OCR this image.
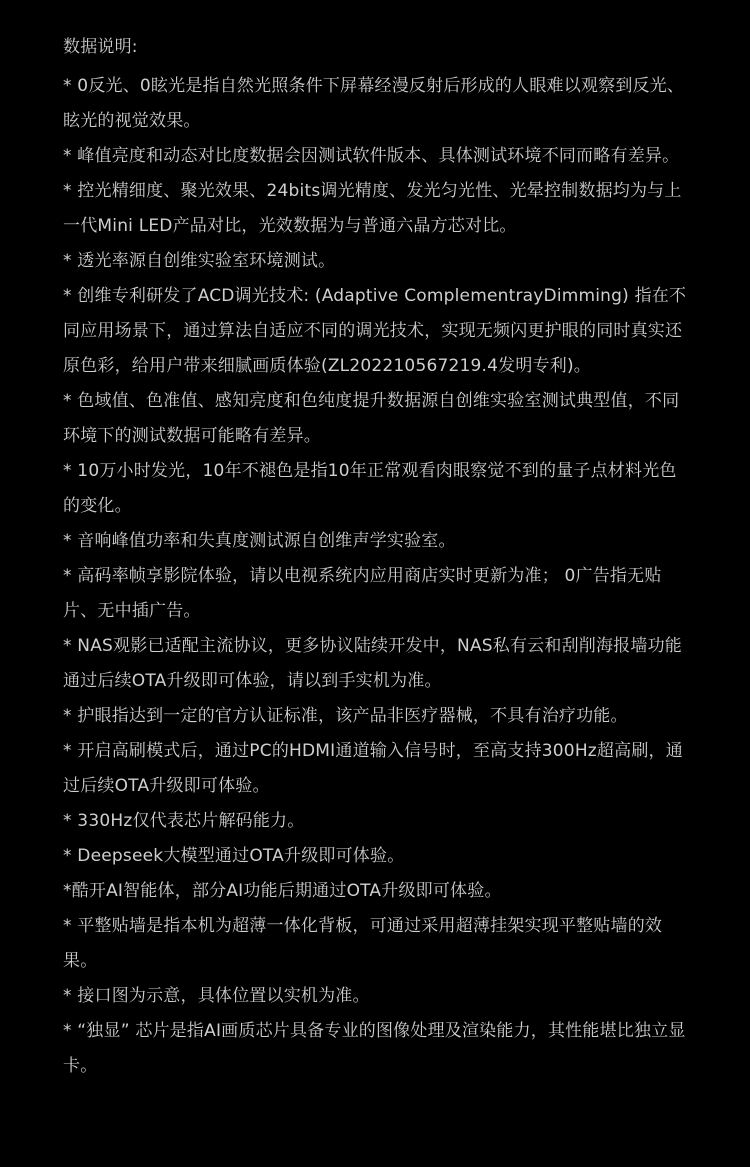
数据说明:
* 0反光、0眩光是指自然光照条件下屏幕经漫反射后形成的人眼难以观察到反光、眩光的视觉效果。
* 峰值亮度和动态对比度数据会因测试软件版本、具体测试环境不同而略有差异。
* 控光精细度、聚光效果、24bits调光精度、发光匀光性、光晕控制数据均为与上一代Mini LED产品对比，光效数据为与普通六晶方芯对比。
* 透光率源自创维实验室环境测试。
* 创维专利研发了ACD调光技术: (Adaptive ComplementrayDimming) 指在不同应用场景下，通过算法自适应不同的调光技术，实现无频闪更护眼的同时真实还原色彩，给用户带来细腻画质体验(ZL202210567219.4发明专利)。
* 色域值、色准值、感知亮度和色纯度提升数据源自创维实验室测试典型值，不同环境下的测试数据可能略有差异。
* 10万小时发光，10年不褪色是指10年正常观看肉眼察觉不到的量子点材料光色的变化。
* 音响峰值功率和失真度测试源自创维声学实验室。
* 高码率帧享影院体验，请以电视系统内应用商店实时更新为准； 0广告指无贴片、无中插广告。
* NAS观影已适配主流协议，更多协议陆续开发中，NAS私有云和刮削海报墙功能通过后续OTA升级即可体验，请以到手实机为准。
* 护眼指达到一定的官方认证标准，该产品非医疗器械，不具有治疗功能。
* 开启高刷模式后，通过PC的HDMI通道输入信号时，至高支持300Hz超高刷，通过后续OTA升级即可体验。
* 330Hz仅代表芯片解码能力。
* Deepseek大模型通过OTA升级即可体验。
*酷开AI智能体，部分AI功能后期通过OTA升级即可体验。
* 平整贴墙是指本机为超薄一体化背板，可通过采用超薄挂架实现平整贴墙的效果。
* 接口图为示意，具体位置以实机为准。
* “独显” 芯片是指AI画质芯片具备专业的图像处理及渲染能力，其性能堪比独立显卡。
